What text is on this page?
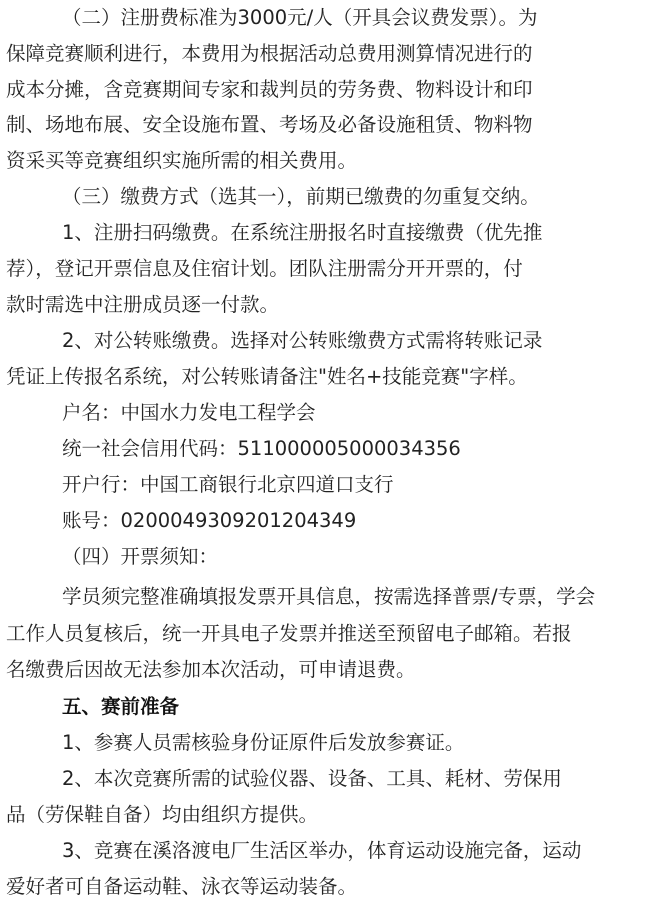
（二）注册费标准为3000元/人（开具会议费发票）。为
保障竞赛顺利进行，本费用为根据活动总费用测算情况进行的
成本分摊，含竞赛期间专家和裁判员的劳务费、物料设计和印
制、场地布展、安全设施布置、考场及必备设施租赁、物料物
资采买等竞赛组织实施所需的相关费用。
（三）缴费方式（选其一），前期已缴费的勿重复交纳。
1、注册扫码缴费。在系统注册报名时直接缴费（优先推
荐），登记开票信息及住宿计划。团队注册需分开开票的，付
款时需选中注册成员逐一付款。
2、对公转账缴费。选择对公转账缴费方式需将转账记录
凭证上传报名系统，对公转账请备注"姓名+技能竞赛"字样。
户名：中国水力发电工程学会
统一社会信用代码：51100000500003435​6
开户行：中国工商银行北京四道口支行
账号：0200049309201204349
（四）开票须知：
学员须完整准确填报发票开具信息，按需选择普票/专票，学会
工作人员复核后，统一开具电子发票并推送至预留电子邮箱。若报
名缴费后因故无法参加本次活动，可申请退费。
五、赛前准备
1、参赛人员需核验身份证原件后发放参赛证。
2、本次竞赛所需的试验仪器、设备、工具、耗材、劳保用
品（劳保鞋自备）均由组织方提供。
3、竞赛在溪洛渡电厂生活区举办，体育运动设施完备，运动
爱好者可自备运动鞋、泳衣等运动装备。
